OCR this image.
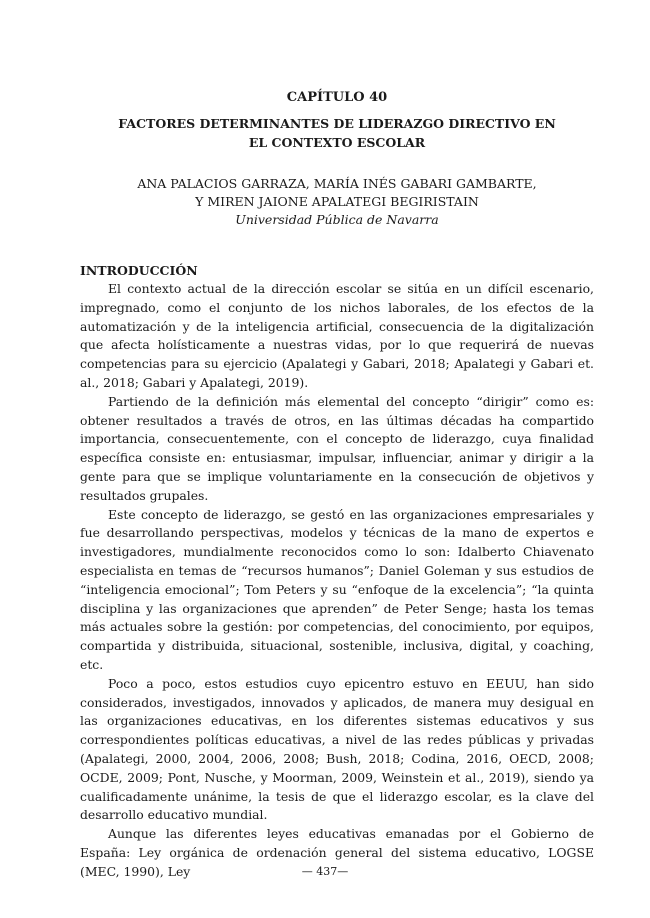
CAPÍTULO 40

FACTORES DETERMINANTES DE LIDERAZGO DIRECTIVO EN
EL CONTEXTO ESCOLAR

ANA PALACIOS GARRAZA, MARÍA INÉS GABARI GAMBARTE,
Y MIREN JAIONE APALATEGI BEGIRISTAIN

Universidad Pública de Navarra

INTRODUCCIÓN

El contexto actual de la dirección escolar se sitúa en un difícil escenario, impregnado, como el conjunto de los nichos laborales, de los efectos de la automatización y de la inteligencia artificial, consecuencia de la digitalización que afecta holísticamente a nuestras vidas, por lo que requerirá de nuevas competencias para su ejercicio (Apalategi y Gabari, 2018; Apalategi y Gabari et. al., 2018; Gabari y Apalategi, 2019).

Partiendo de la definición más elemental del concepto “dirigir” como es: obtener resultados a través de otros, en las últimas décadas ha compartido importancia, consecuentemente, con el concepto de liderazgo, cuya finalidad específica consiste en: entusiasmar, impulsar, influenciar, animar y dirigir a la gente para que se implique voluntariamente en la consecución de objetivos y resultados grupales.

Este concepto de liderazgo, se gestó en las organizaciones empresariales y fue desarrollando perspectivas, modelos y técnicas de la mano de expertos e investigadores, mundialmente reconocidos como lo son: Idalberto Chiavenato especialista en temas de “recursos humanos”; Daniel Goleman y sus estudios de “inteligencia emocional”; Tom Peters y su “enfoque de la excelencia”; “la quinta disciplina y las organizaciones que aprenden” de Peter Senge; hasta los temas más actuales sobre la gestión: por competencias, del conocimiento, por equipos, compartida y distribuida, situacional, sostenible, inclusiva, digital, y coaching, etc.

Poco a poco, estos estudios cuyo epicentro estuvo en EEUU, han sido considerados, investigados, innovados y aplicados, de manera muy desigual en las organizaciones educativas, en los diferentes sistemas educativos y sus correspondientes políticas educativas, a nivel de las redes públicas y privadas (Apalategi, 2000, 2004, 2006, 2008; Bush, 2018; Codina, 2016, OECD, 2008; OCDE, 2009; Pont, Nusche, y Moorman, 2009, Weinstein et al., 2019), siendo ya cualificadamente unánime, la tesis de que el liderazgo escolar, es la clave del desarrollo educativo mundial.

Aunque las diferentes leyes educativas emanadas por el Gobierno de España: Ley orgánica de ordenación general del sistema educativo, LOGSE (MEC, 1990), Ley	— 437—
